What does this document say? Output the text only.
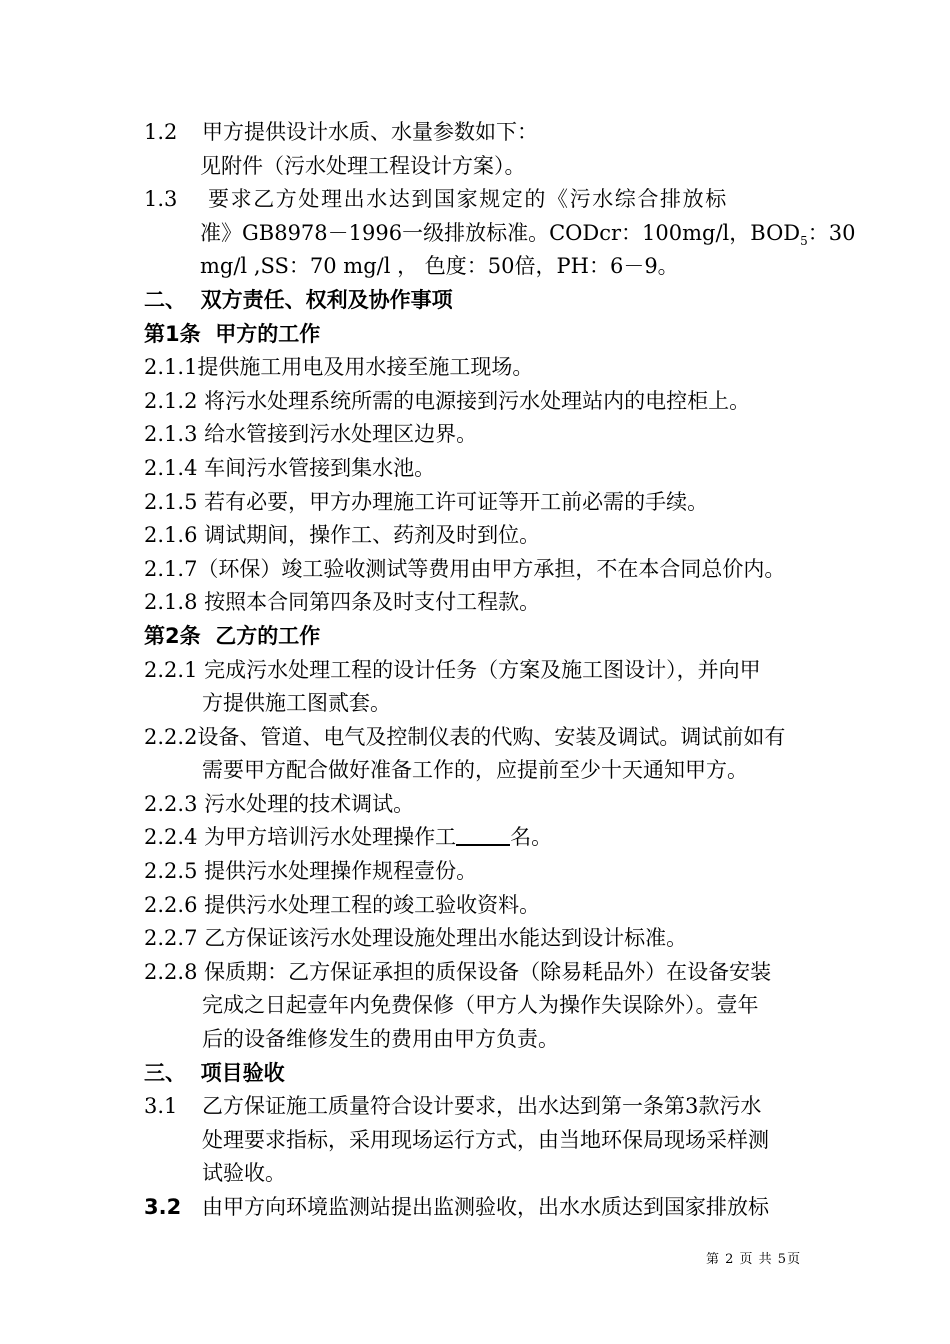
1.2 甲方提供设计水质、水量参数如下：
见附件（污水处理工程设计方案）。
1.3 要求乙方处理出水达到国家规定的《污水综合排放标
准》GB8978－1996一级排放标准。CODcr：100mg/l，$BOD_5$：30
mg/l ,SS：70 mg/l ， 色度：50倍，PH：6－9。
二、  双方责任、权利及协作事项
第1条  甲方的工作
2.1.1提供施工用电及用水接至施工现场。
2.1.2 将污水处理系统所需的电源接到污水处理站内的电控柜上。
2.1.3 给水管接到污水处理区边界。
2.1.4 车间污水管接到集水池。
2.1.5 若有必要，甲方办理施工许可证等开工前必需的手续。
2.1.6 调试期间，操作工、药剂及时到位。
2.1.7（环保）竣工验收测试等费用由甲方承担，不在本合同总价内。
2.1.8 按照本合同第四条及时支付工程款。
第2条  乙方的工作
2.2.1 完成污水处理工程的设计任务（方案及施工图设计），并向甲
方提供施工图贰套。
2.2.2设备、管道、电气及控制仪表的代购、安装及调试。调试前如有
需要甲方配合做好准备工作的，应提前至少十天通知甲方。
2.2.3 污水处理的技术调试。
2.2.4 为甲方培训污水处理操作工	名。
2.2.5 提供污水处理操作规程壹份。
2.2.6 提供污水处理工程的竣工验收资料。
2.2.7 乙方保证该污水处理设施处理出水能达到设计标准。
2.2.8 保质期：乙方保证承担的质保设备（除易耗品外）在设备安装
完成之日起壹年内免费保修（甲方人为操作失误除外）。壹年
后的设备维修发生的费用由甲方负责。
三、  项目验收
3.1 乙方保证施工质量符合设计要求，出水达到第一条第3款污水
处理要求指标，采用现场运行方式，由当地环保局现场采样测
试验收。
3.2 由甲方向环境监测站提出监测验收，出水水质达到国家排放标
第 2 页 共 5页
